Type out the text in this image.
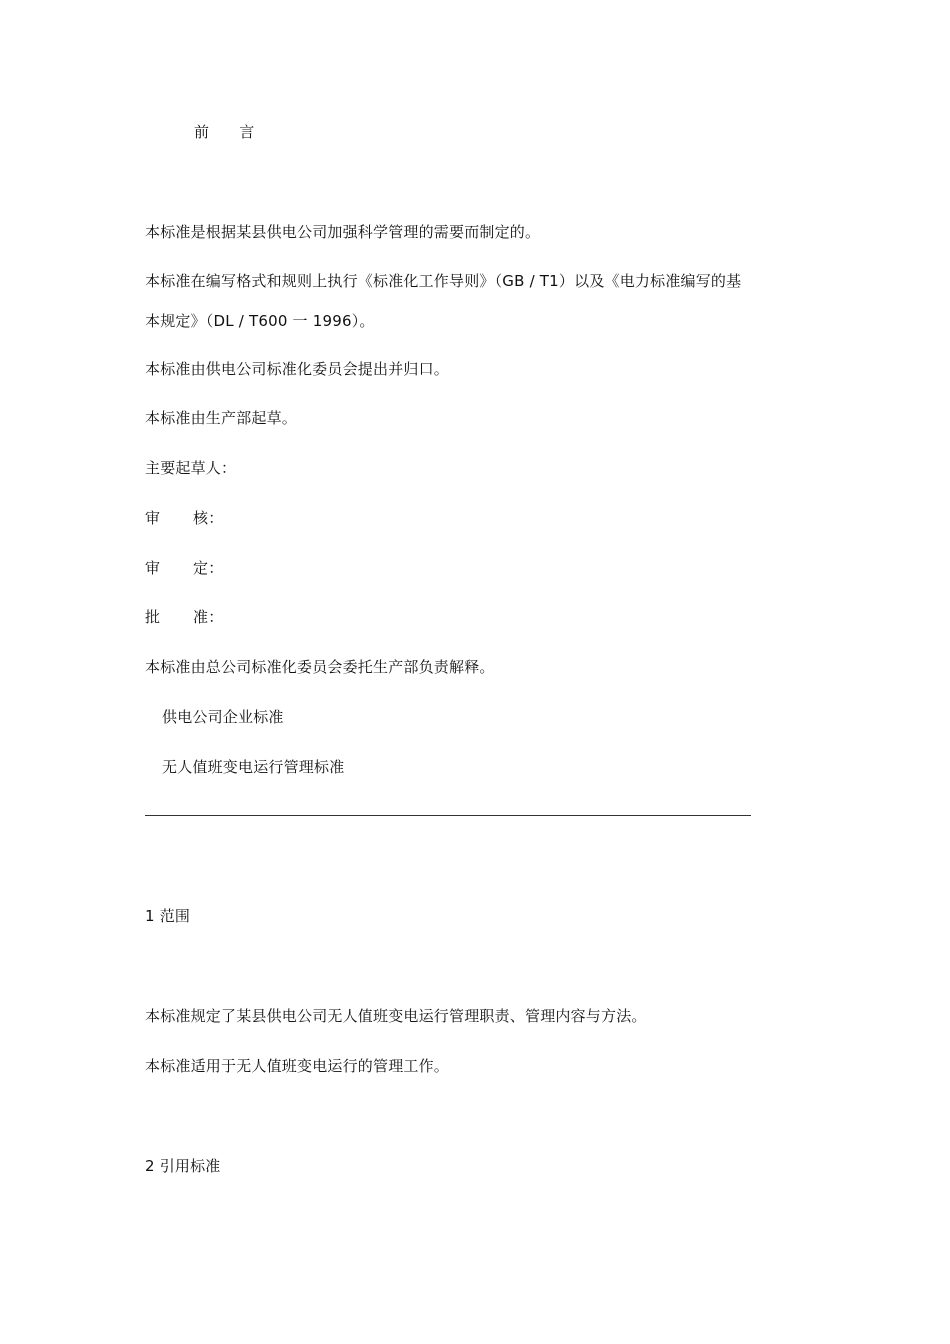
前 言
本标准是根据某县供电公司加强科学管理的需要而制定的。
本标准在编写格式和规则上执行《标准化工作导则》（GB / T1）以及《电力标准编写的基
本规定》（DL / T600 一 1996）。
本标准由供电公司标准化委员会提出并归口。
本标准由生产部起草。
主要起草人：
审 核：
审 定：
批 准：
本标准由总公司标准化委员会委托生产部负责解释。
供电公司企业标准
无人值班变电运行管理标准
1 范围
本标准规定了某县供电公司无人值班变电运行管理职责、管理内容与方法。
本标准适用于无人值班变电运行的管理工作。
2 引用标准
